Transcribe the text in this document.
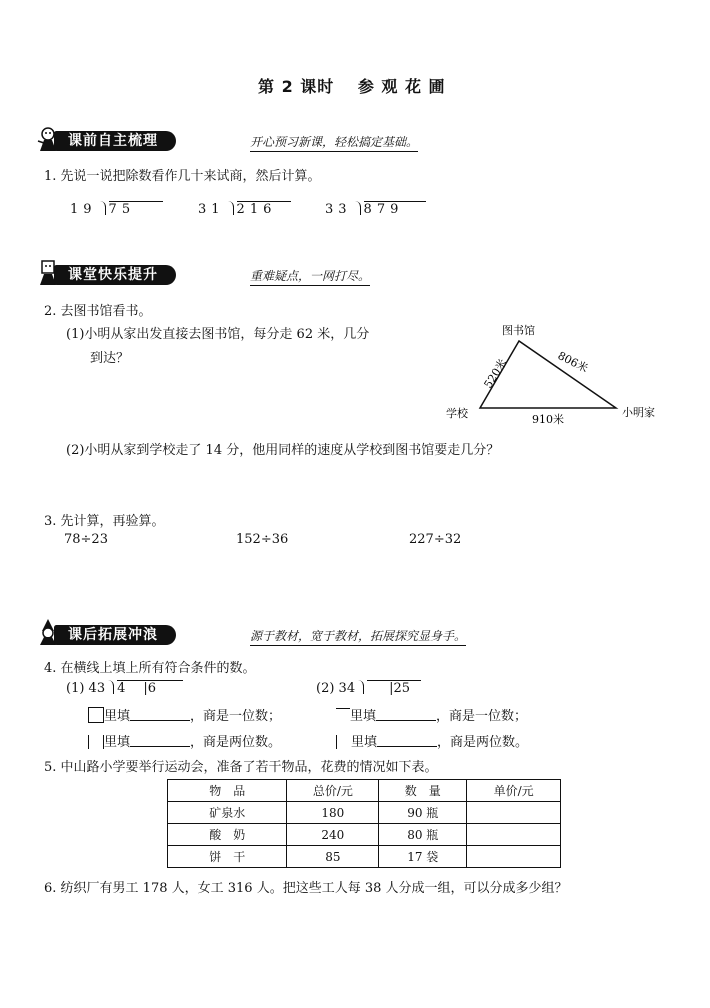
第 2 课时　 参 观 花 圃
课前自主梳理	开心预习新课，轻松搞定基础。
1. 先说一说把除数看作几十来试商，然后计算。
19 75	31 216	33 879
课堂快乐提升	重难疑点，一网打尽。
2. 去图书馆看书。
(1)小明从家出发直接去图书馆，每分走 62 米，几分
到达？
(2)小明从家到学校走了 14 分，他用同样的速度从学校到图书馆要走几分？
图书馆
学校	小明家
520米	806米
910米
3. 先计算，再验算。
78÷23	152÷36	227÷32
课后拓展冲浪	源于教材，宽于教材，拓展探究显身手。
4. 在横线上填上所有符合条件的数。
(1) 43 4 |6	(2) 34	|25
里填	，商是一位数；	里填	，商是一位数；
里填	，商是两位数。	里填	，商是两位数。
5. 中山路小学要举行运动会，准备了若干物品，花费的情况如下表。
物　品	总价/元	数　量	单价/元
矿泉水	180	90 瓶	
酸　奶	240	80 瓶	
饼　干	85	17 袋	
6. 纺织厂有男工 178 人，女工 316 人。把这些工人每 38 人分成一组，可以分成多少组？
